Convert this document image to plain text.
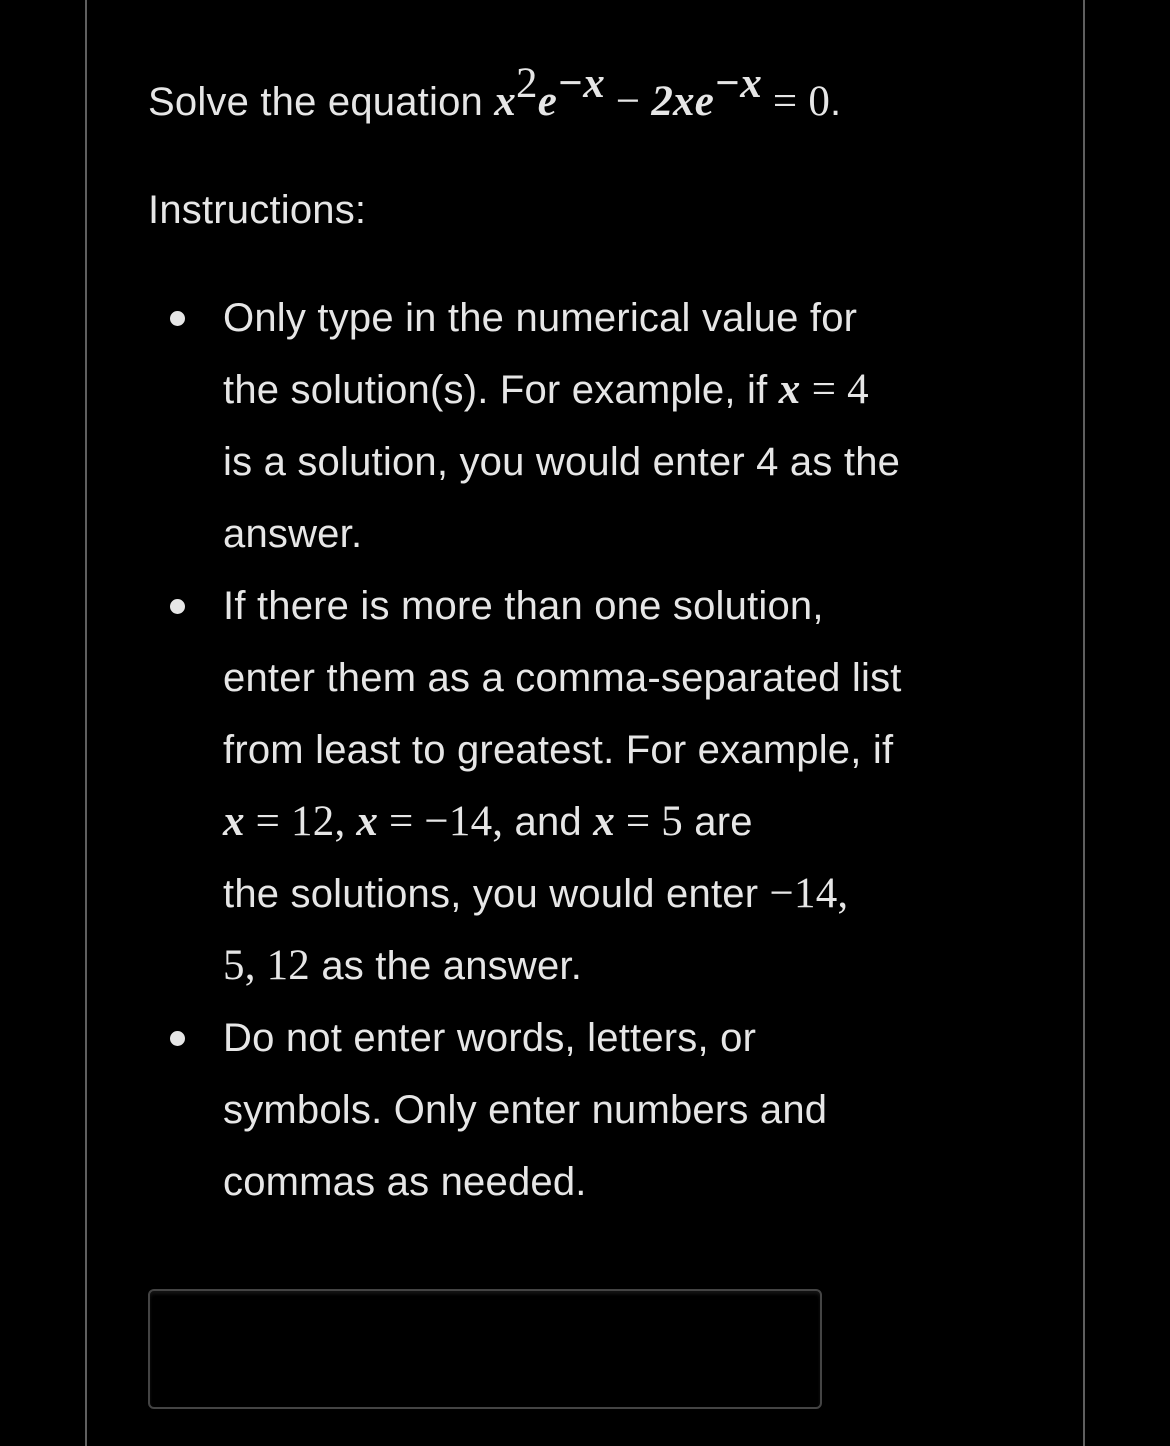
Solve the equation $x^2e^{-x} - 2xe^{-x} = 0$.
Instructions:
Only type in the numerical value for
the solution(s). For example, if x = 4
is a solution, you would enter 4 as the
answer.
If there is more than one solution,
enter them as a comma-separated list
from least to greatest. For example, if
x = 12, x = −14, and x = 5 are
the solutions, you would enter −14,
5, 12 as the answer.
Do not enter words, letters, or
symbols. Only enter numbers and
commas as needed.
